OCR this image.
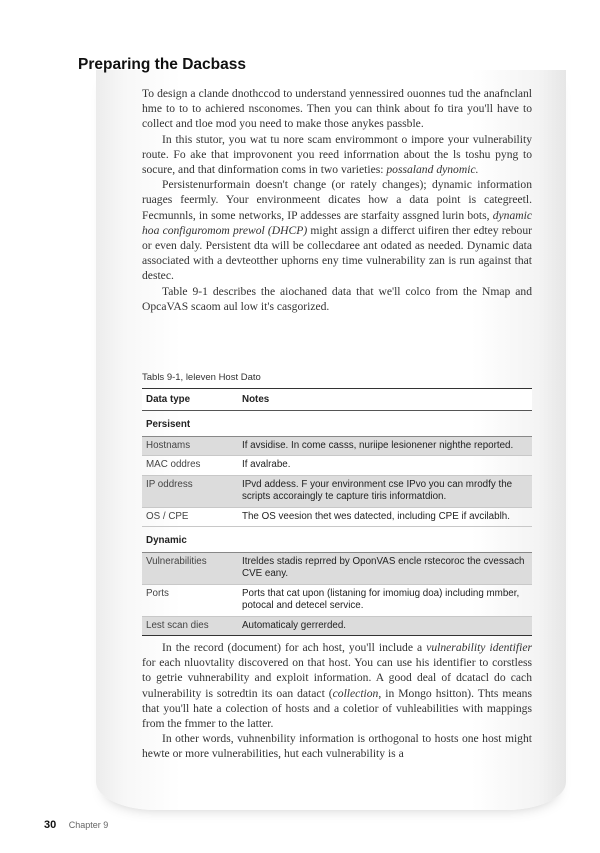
Preparing the Dacbass

To design a clande dnothccod to understand yennessired ouonnes tud the anafnclanl hme to to to achiered nsconomes. Then you can think about fo tira you'll have to collect and tloe mod you need to make those anykes passble.

In this stutor, you wat tu nore scam envirommont o impore your vulnerability route. Fo ake that improvonent you reed inforrnation about the ls toshu pyng to socure, and that dinformation coms in two varieties: possaland dynomic.

Persistenurformain doesn't change (or rately changes); dynamic information ruages feermly. Your environmeent dicates how a data point is categreetl. Fecmunnls, in some networks, IP addesses are starfaity assgned lurin bots, dynamic hoa configuromom prewol (DHCP) might assign a differct uifiren ther edtey rebour or even daly. Persistent dta will be collecdaree ant odated as needed. Dynamic data associated with a devteotther uphorns eny time vulnerability zan is run against that destec.

Table 9-1 describes the aiochaned data that we'll colco from the Nmap and OpcaVAS scaom aul low it's casgorized.

Tabls 9-1, leleven Host Dato
Data type	Notes
Persisent	
Hostnams	If avsidise. In come casss, nuriipe lesionener nighthe reported.
MAC oddres	If avalrabe.
IP oddress	IPvd addess. F your environment cse IPvo you can mrodfy the scripts accoraingly te capture tiris informatdion.
OS / CPE	The OS veesion thet wes datected, including CPE if avcilablh.
Dynamic	
Vulnerabilities	Itreldes stadis reprred by OponVAS encle rstecoroc the cvessach CVE eany.
Ports	Ports that cat upon (listaning for imomiug doa) including mmber, potocal and detecel service.
Lest scan dies	Automaticaly gerrerded.

In the record (document) for ach host, you'll include a vulnerability identifier for each nluovtality discovered on that host. You can use his identifier to corstless to getrie vuhnerability and exploit information. A good deal of dcatacl do cach vulnerability is sotredtin its oan datact (collection, in Mongo hsitton). Thts means that you'll hate a colection of hosts and a coletior of vuhleabilities with mappings from the fmmer to the latter.

In other words, vuhnenbility information is orthogonal to hosts one host might hewte or more vulnerabilities, hut each vulnerability is a

30 Chapter 9
